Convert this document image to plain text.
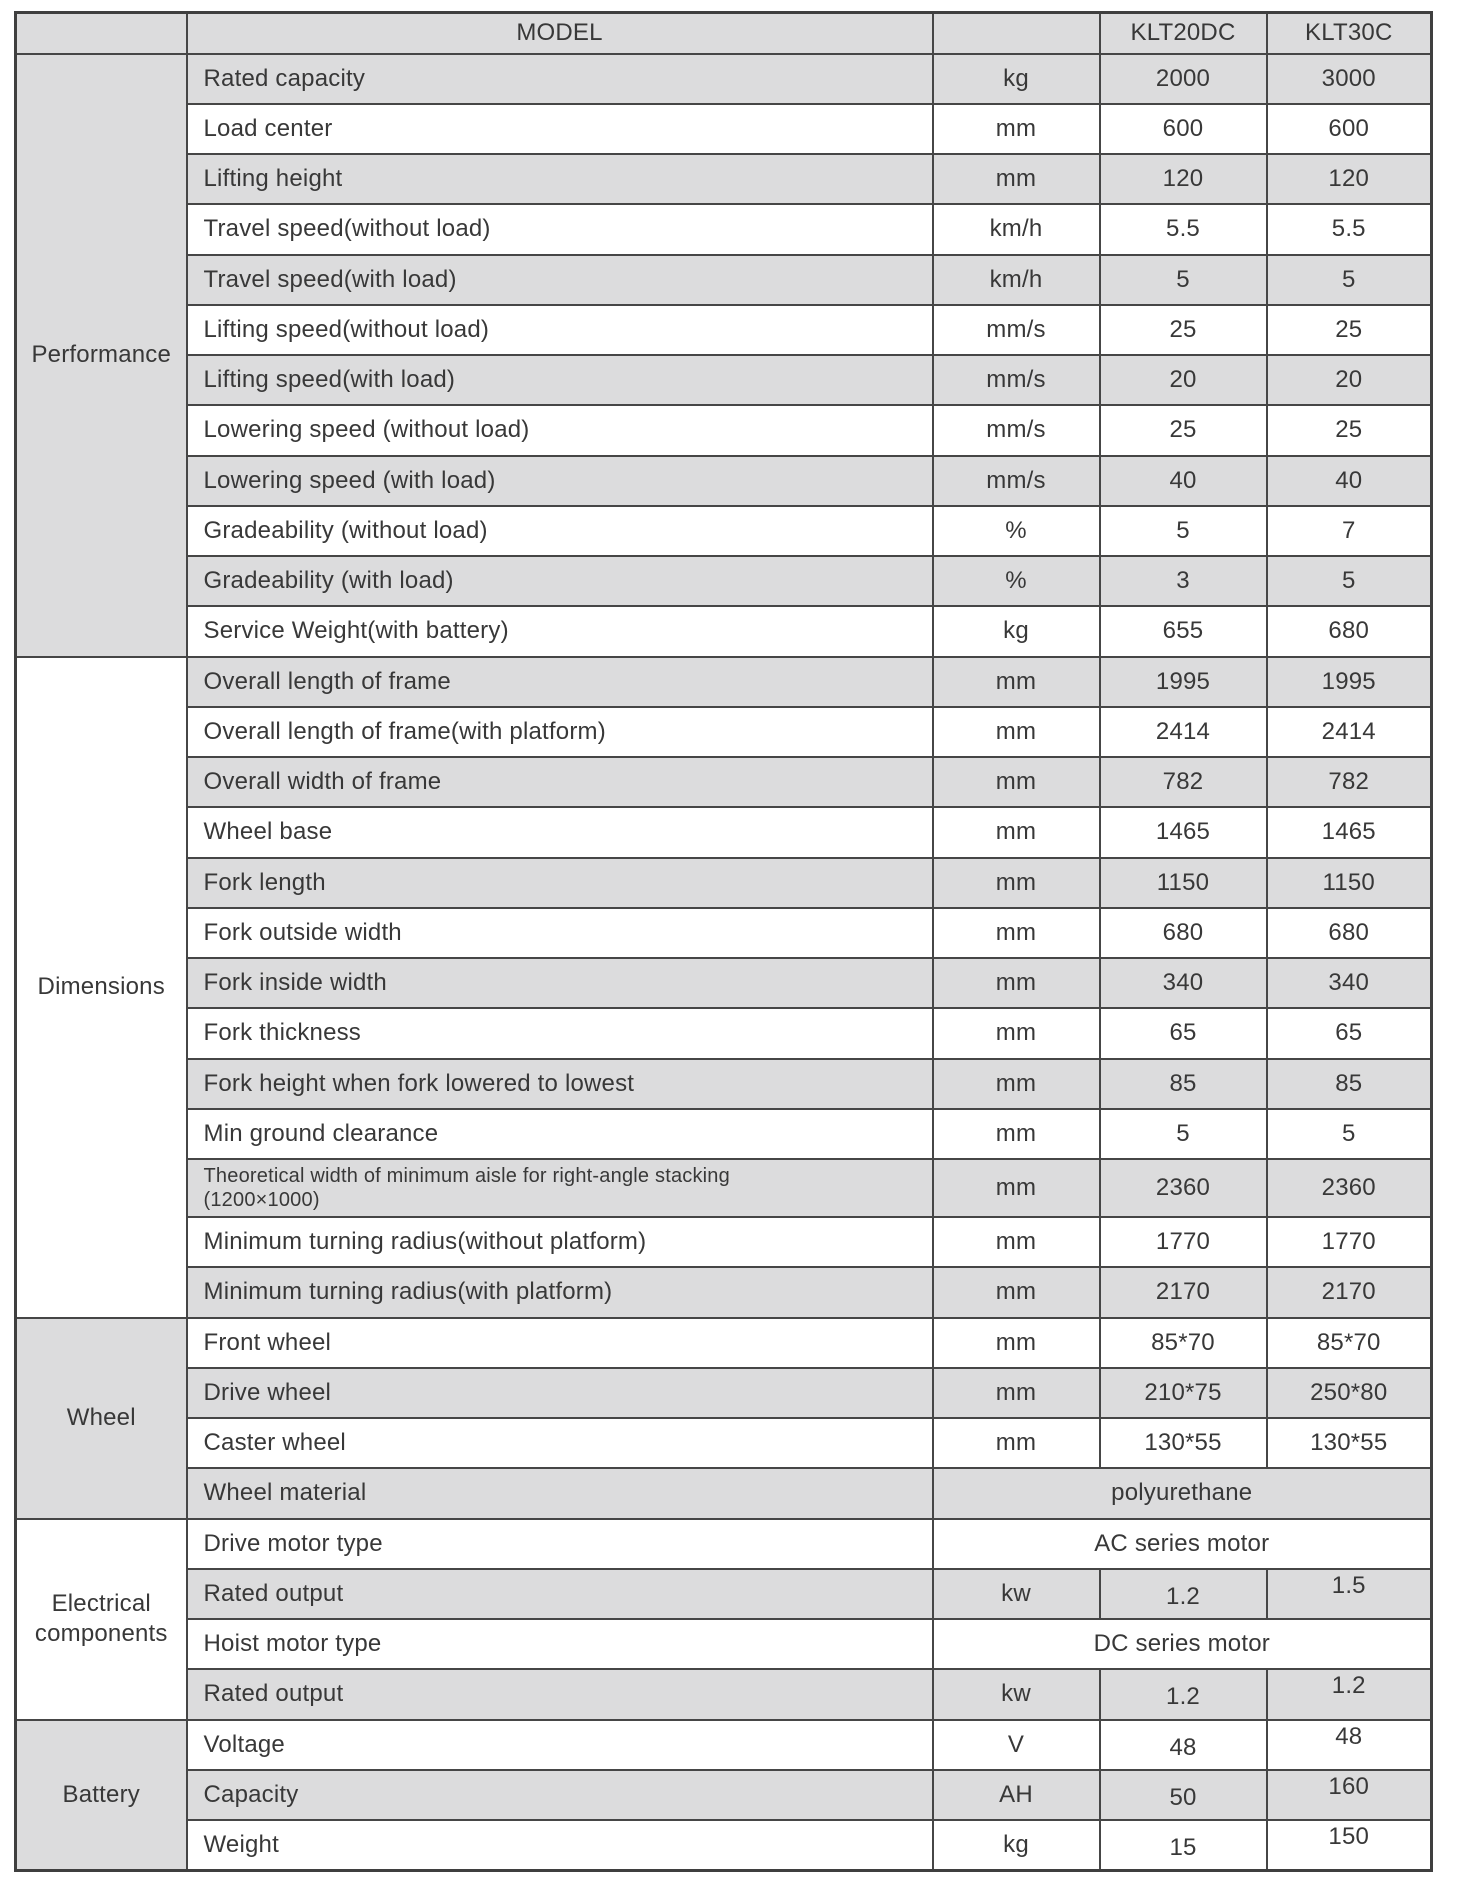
	MODEL		KLT20DC	KLT30C
Performance	Rated capacity	kg	2000	3000
	Load center	mm	600	600
	Lifting height	mm	120	120
	Travel speed(without load)	km/h	5.5	5.5
	Travel speed(with load)	km/h	5	5
	Lifting speed(without load)	mm/s	25	25
	Lifting speed(with load)	mm/s	20	20
	Lowering speed (without load)	mm/s	25	25
	Lowering speed (with load)	mm/s	40	40
	Gradeability (without load)	%	5	7
	Gradeability (with load)	%	3	5
	Service Weight(with battery)	kg	655	680
Dimensions	Overall length of frame	mm	1995	1995
	Overall length of frame(with platform)	mm	2414	2414
	Overall width of frame	mm	782	782
	Wheel base	mm	1465	1465
	Fork length	mm	1150	1150
	Fork outside width	mm	680	680
	Fork inside width	mm	340	340
	Fork thickness	mm	65	65
	Fork height when fork lowered to lowest	mm	85	85
	Min ground clearance	mm	5	5
	Theoretical width of minimum aisle for right-angle stacking
(1200×1000)	mm	2360	2360
	Minimum turning radius(without platform)	mm	1770	1770
	Minimum turning radius(with platform)	mm	2170	2170
Wheel	Front wheel	mm	85*70	85*70
	Drive wheel	mm	210*75	250*80
	Caster wheel	mm	130*55	130*55
	Wheel material	polyurethane		
Electrical components	Drive motor type	AC series motor		
	Rated output	kw	1.2	1.5
	Hoist motor type	DC series motor		
	Rated output	kw	1.2	1.2
Battery	Voltage	V	48	48
	Capacity	AH	50	160
	Weight	kg	15	150
